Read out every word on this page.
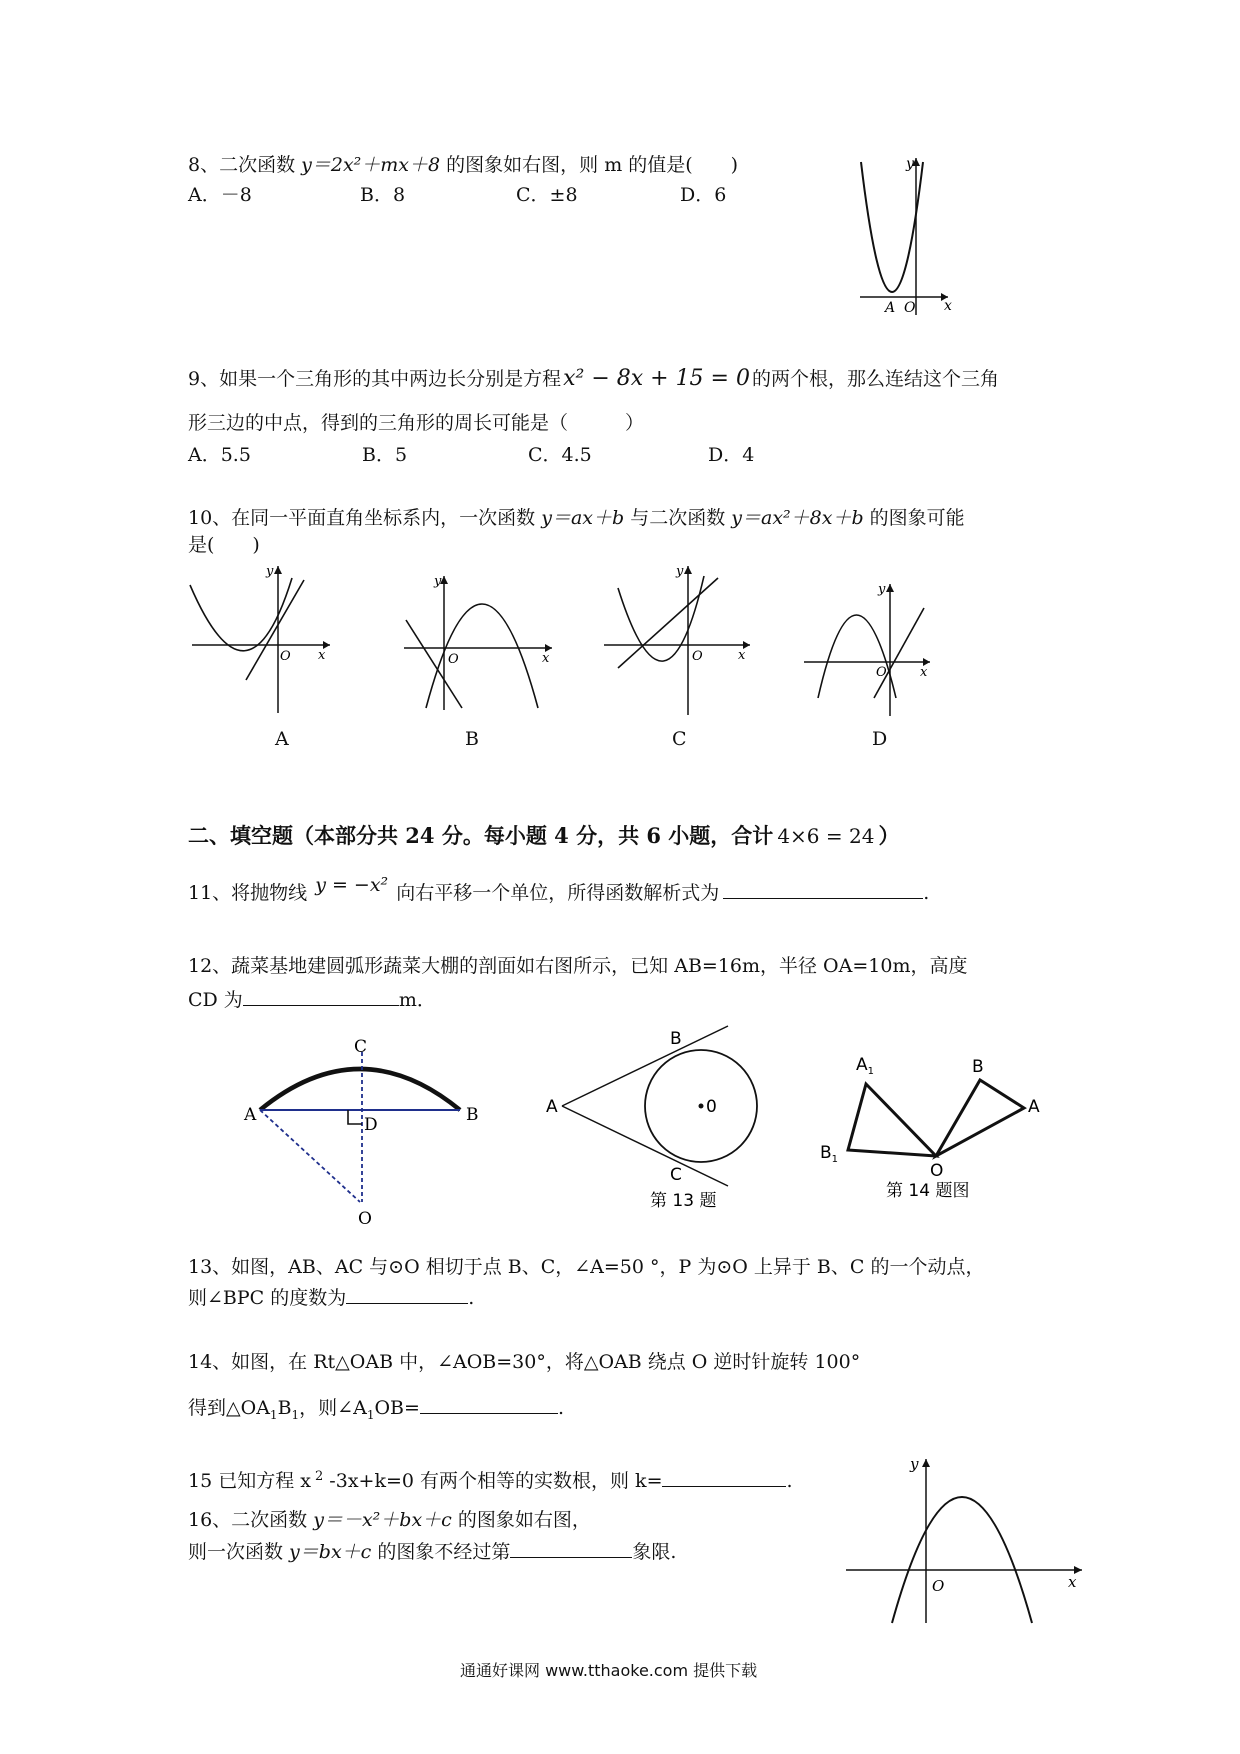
8、二次函数 y＝2x²＋mx＋8 的图象如右图，则 m 的值是(　　)
A．－8	B．8	C．±8	D．6
y
x
A O
9、如果一个三角形的其中两边长分别是方程x² − 8x + 15 = 0 的两个根，那么连结这个三角
形三边的中点，得到的三角形的周长可能是（　　　）
A．5.5	B．5	C．4.5	D．4
10、在同一平面直角坐标系内，一次函数 y＝ax＋b 与二次函数 y＝ax²＋8x＋b 的图象可能
是(　　)
y
x
O
A
y
x
O
B
y
x
O
C
y
x
O
D
二、填空题（本部分共 24 分。每小题 4 分，共 6 小题，合计 4×6 = 24 ）
11、将抛物线 y = −x² 向右平移一个单位，所得函数解析式为	.
12、蔬菜基地建圆弧形蔬菜大棚的剖面如右图所示，已知 AB=16m，半径 OA=10m，高度
CD 为	m．
A	B
C
D
O
A
B
C
0
第 13 题
$A_1$
$B_1$
B
A
O
第 14 题图
13、如图，AB、AC 与⊙O 相切于点 B、C，∠A=50 °，P 为⊙O 上异于 B、C 的一个动点，
则∠BPC 的度数为	.
14、如图，在 Rt△OAB 中，∠AOB=30°，将△OAB 绕点 O 逆时针旋转 100°
得到$\triangle OA_1B_1$，则$\angle A_1OB=$	.
15 已知方程 x $^2$ -3x+k=0 有两个相等的实数根，则 k=	.
16、二次函数 y＝－x²＋bx＋c 的图象如右图，
则一次函数 y＝bx＋c 的图象不经过第	象限.
y
x
O
通通好课网 www.tthaoke.com 提供下载
